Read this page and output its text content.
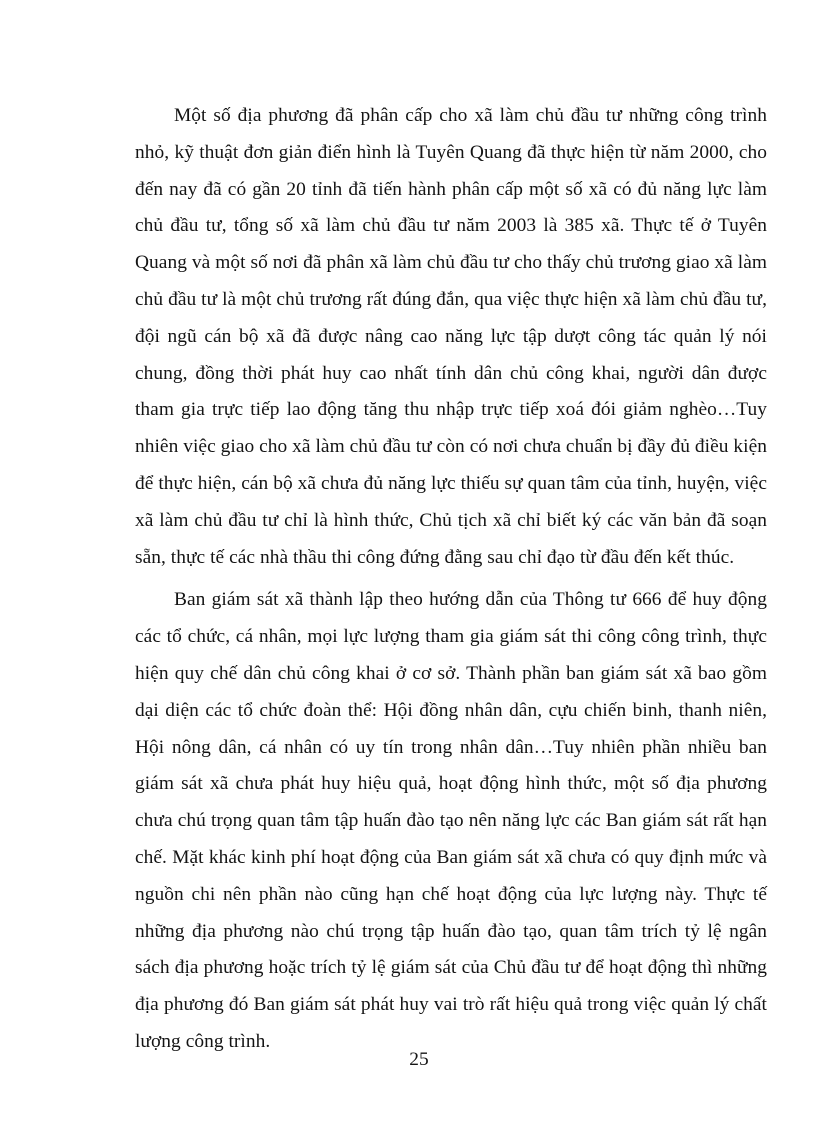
Một số địa phương đã phân cấp cho xã làm chủ đầu tư những công trình nhỏ, kỹ thuật đơn giản điển hình là Tuyên Quang đã thực hiện từ năm 2000, cho đến nay đã có gần 20 tỉnh đã tiến hành phân cấp một số xã có đủ năng lực làm chủ đầu tư, tổng số xã làm chủ đầu tư năm 2003 là 385 xã. Thực tế ở Tuyên Quang và một số nơi đã phân xã làm chủ đầu tư cho thấy chủ trương giao xã làm chủ đầu tư là một chủ trương rất đúng đắn, qua việc thực hiện xã làm chủ đầu tư, đội ngũ cán bộ xã đã được nâng cao năng lực tập dượt công tác quản lý nói chung, đồng thời phát huy cao nhất tính dân chủ công khai, người dân được tham gia trực tiếp lao động tăng thu nhập trực tiếp xoá đói giảm nghèo…Tuy nhiên việc giao cho xã làm chủ đầu tư còn có nơi chưa chuẩn bị đầy đủ điều kiện để thực hiện, cán bộ xã chưa đủ năng lực thiếu sự quan tâm của tỉnh, huyện, việc xã làm chủ đầu tư chỉ là hình thức, Chủ tịch xã chỉ biết ký các văn bản đã soạn sẵn, thực tế các nhà thầu thi công đứng đằng sau chỉ đạo từ đầu đến kết thúc.

Ban giám sát xã thành lập theo hướng dẫn của Thông tư 666 để huy động các tổ chức, cá nhân, mọi lực lượng tham gia giám sát thi công công trình, thực hiện quy chế dân chủ công khai ở cơ sở. Thành phần ban giám sát xã bao gồm dại diện các tổ chức đoàn thể: Hội đồng nhân dân, cựu chiến binh, thanh niên, Hội nông dân, cá nhân có uy tín trong nhân dân…Tuy nhiên phần nhiều ban giám sát xã chưa phát huy hiệu quả, hoạt động hình thức, một số địa phương chưa chú trọng quan tâm tập huấn đào tạo nên năng lực các Ban giám sát rất hạn chế. Mặt khác kinh phí hoạt động của Ban giám sát xã chưa có quy định mức và nguồn chi nên phần nào cũng hạn chế hoạt động của lực lượng này. Thực tế những địa phương nào chú trọng tập huấn đào tạo, quan tâm trích tỷ lệ ngân sách địa phương hoặc trích tỷ lệ giám sát của Chủ đầu tư để hoạt động thì những địa phương đó Ban giám sát phát huy vai trò rất hiệu quả trong việc quản lý chất lượng công trình.

25
